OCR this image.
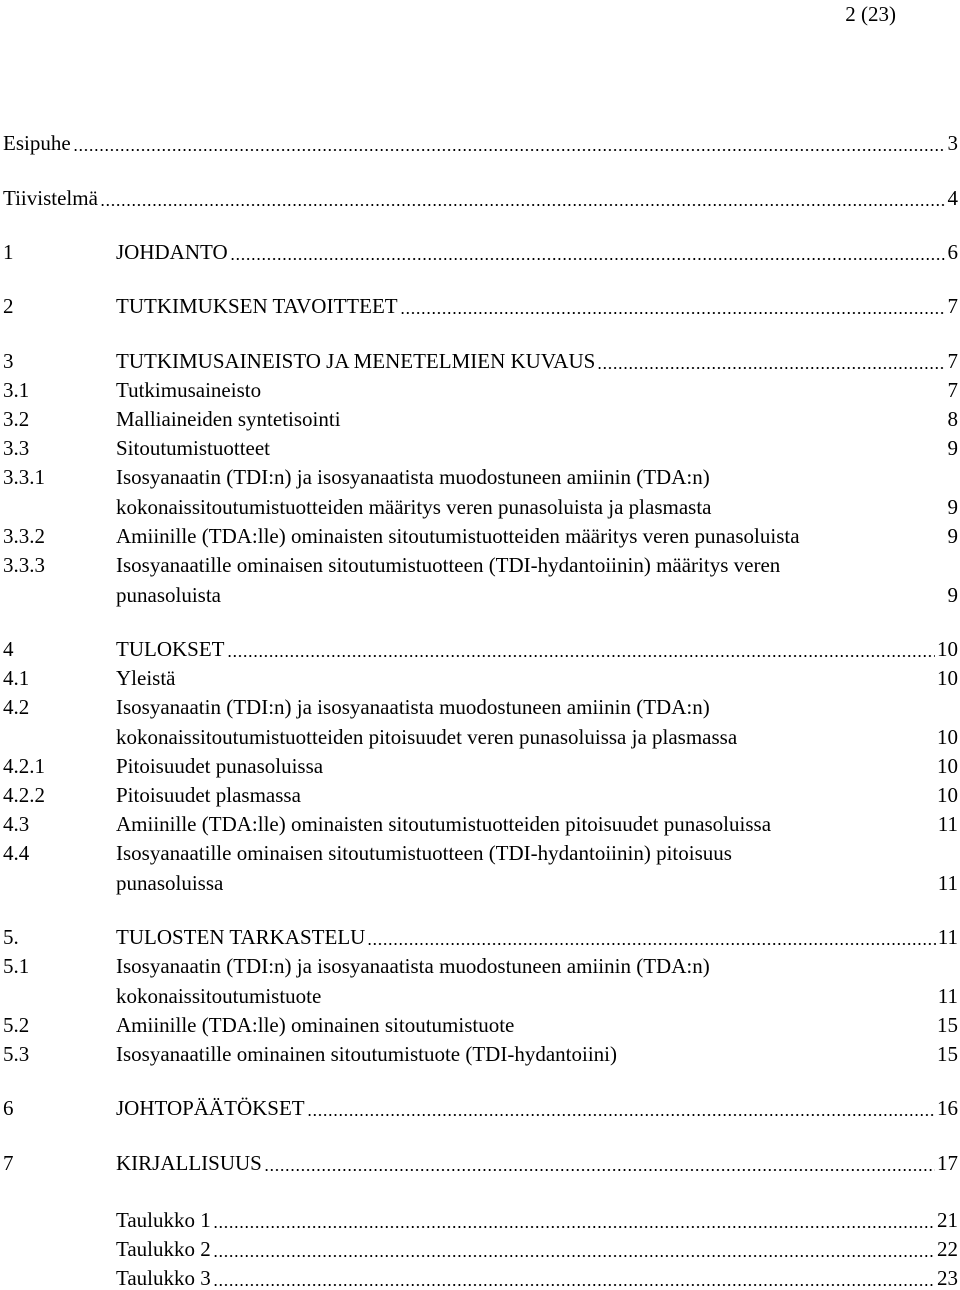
2 (23)
Esipuhe	3
Tiivistelmä	4
1	JOHDANTO	6
2	TUTKIMUKSEN TAVOITTEET	7
3	TUTKIMUSAINEISTO JA MENETELMIEN KUVAUS	7
3.1	Tutkimusaineisto	7
3.2	Malliaineiden syntetisointi	8
3.3	Sitoutumistuotteet	9
3.3.1	Isosyanaatin (TDI:n) ja isosyanaatista muodostuneen amiinin (TDA:n)
kokonaissitoutumistuotteiden määritys veren punasoluista ja plasmasta	9
3.3.2	Amiinille (TDA:lle) ominaisten sitoutumistuotteiden määritys veren punasoluista	9
3.3.3	Isosyanaatille ominaisen sitoutumistuotteen (TDI-hydantoiinin) määritys veren
punasoluista	9
4	TULOKSET	10
4.1	Yleistä	10
4.2	Isosyanaatin (TDI:n) ja isosyanaatista muodostuneen amiinin (TDA:n)
kokonaissitoutumistuotteiden pitoisuudet veren punasoluissa ja plasmassa	10
4.2.1	Pitoisuudet punasoluissa	10
4.2.2	Pitoisuudet plasmassa	10
4.3	Amiinille (TDA:lle) ominaisten sitoutumistuotteiden pitoisuudet punasoluissa	11
4.4	Isosyanaatille ominaisen sitoutumistuotteen (TDI-hydantoiinin) pitoisuus
punasoluissa	11
5.	TULOSTEN TARKASTELU	11
5.1	Isosyanaatin (TDI:n) ja isosyanaatista muodostuneen amiinin (TDA:n)
kokonaissitoutumistuote	11
5.2	Amiinille (TDA:lle) ominainen sitoutumistuote	15
5.3	Isosyanaatille ominainen sitoutumistuote (TDI-hydantoiini)	15
6	JOHTOPÄÄTÖKSET	16
7	KIRJALLISUUS	17
Taulukko 1	21
Taulukko 2	22
Taulukko 3	23
